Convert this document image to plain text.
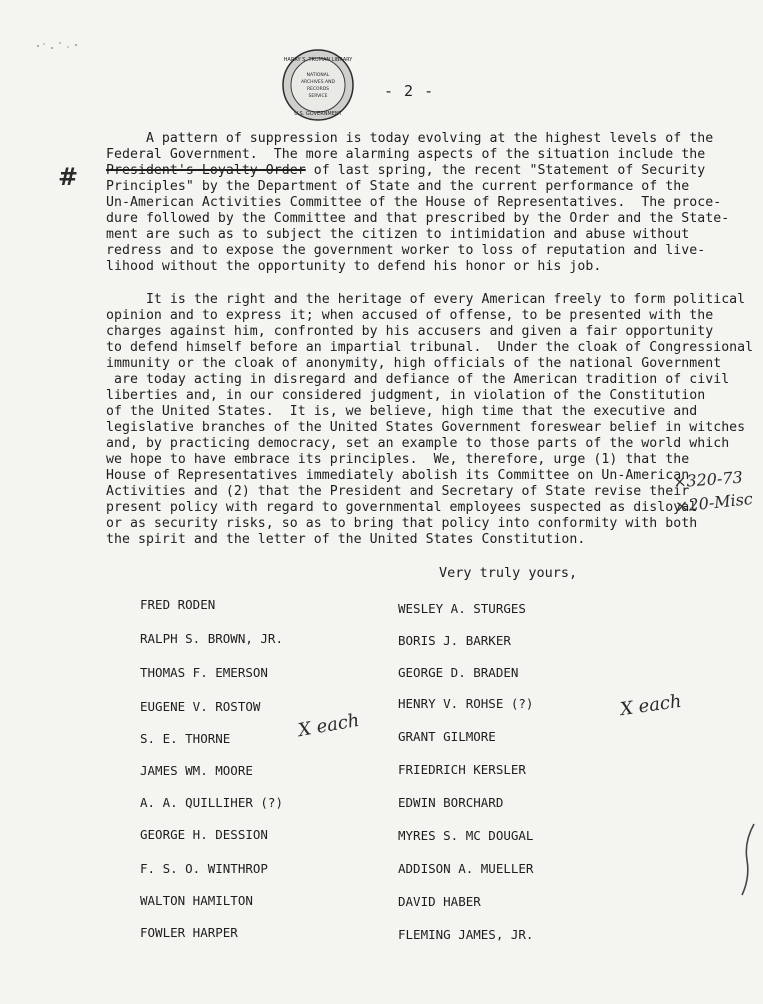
HARRY S. TRUMAN LIBRARY
NATIONAL
ARCHIVES AND
RECORDS
SERVICE
U.S. GOVERNMENT
- 2 -
#
A pattern of suppression is today evolving at the highest levels of the
Federal Government.  The more alarming aspects of the situation include the
President's Loyalty Order of last spring, the recent "Statement of Security
Principles" by the Department of State and the current performance of the
Un-American Activities Committee of the House of Representatives.  The proce-
dure followed by the Committee and that prescribed by the Order and the State-
ment are such as to subject the citizen to intimidation and abuse without
redress and to expose the government worker to loss of reputation and live-
lihood without the opportunity to defend his honor or his job.
It is the right and the heritage of every American freely to form political
opinion and to express it; when accused of offense, to be presented with the
charges against him, confronted by his accusers and given a fair opportunity
to defend himself before an impartial tribunal.  Under the cloak of Congressional
immunity or the cloak of anonymity, high officials of the national Government
are today acting in disregard and defiance of the American tradition of civil
liberties and, in our considered judgment, in violation of the Constitution
of the United States.  It is, we believe, high time that the executive and
legislative branches of the United States Government foreswear belief in witches
and, by practicing democracy, set an example to those parts of the world which
we hope to have embrace its principles.  We, therefore, urge (1) that the
House of Representatives immediately abolish its Committee on Un-American
Activities and (2) that the President and Secretary of State revise their
present policy with regard to governmental employees suspected as disloyal
or as security risks, so as to bring that policy into conformity with both
the spirit and the letter of the United States Constitution.
×320-73
×20-Misc
Very truly yours,
FRED RODEN
RALPH S. BROWN, JR.
THOMAS F. EMERSON
EUGENE V. ROSTOW
S. E. THORNE
JAMES WM. MOORE
A. A. QUILLIHER (?)
GEORGE H. DESSION
F. S. O. WINTHROP
WALTON HAMILTON
FOWLER HARPER
WESLEY A. STURGES
BORIS J. BARKER
GEORGE D. BRADEN
HENRY V. ROHSE (?)
GRANT GILMORE
FRIEDRICH KERSLER
EDWIN BORCHARD
MYRES S. MC DOUGAL
ADDISON A. MUELLER
DAVID HABER
FLEMING JAMES, JR.
X each
X each
